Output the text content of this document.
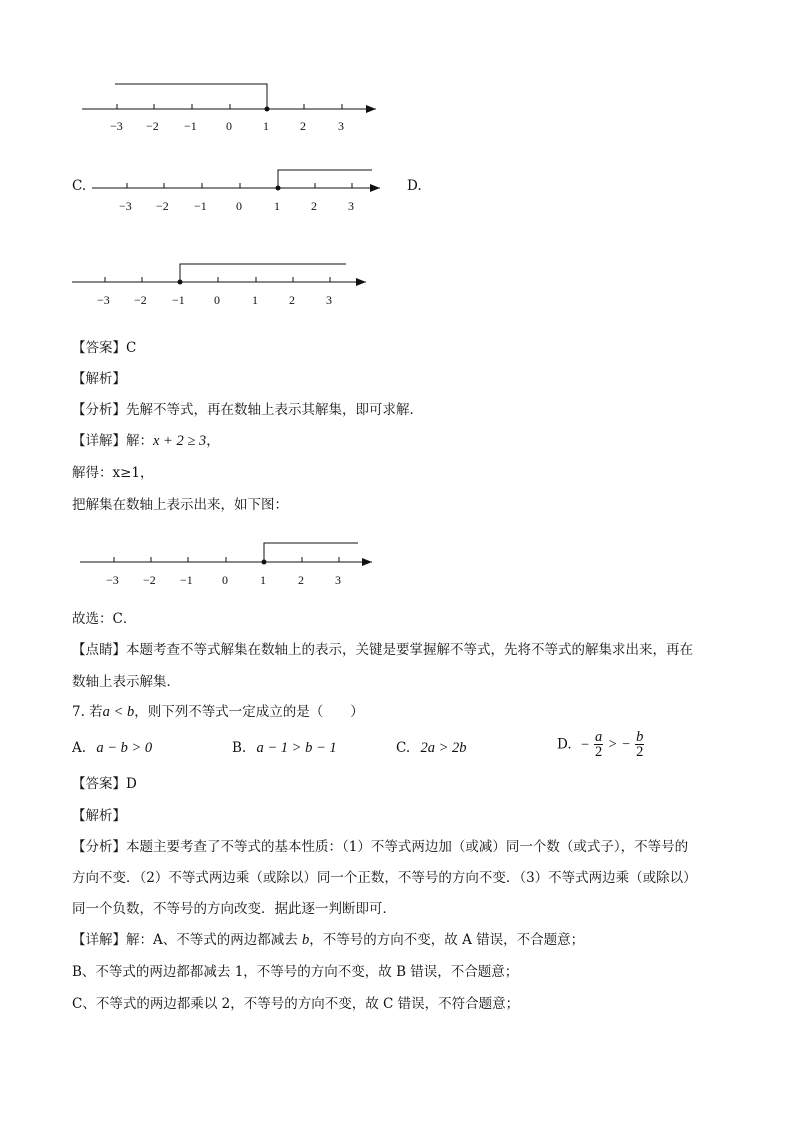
−3 −2 −1 0	1	2	3
C.
−3 −2 −1 0	1	2	3
D.
−3 −2 −1 0	1	2	3
【答案】C
【解析】
【分析】先解不等式，再在数轴上表示其解集，即可求解．
【详解】解：x + 2 ≥ 3，
解得：x≥1，
把解集在数轴上表示出来，如下图：
−3 −2 −1 0	1	2	3
故选：C．
【点睛】本题考查不等式解集在数轴上的表示，关键是要掌握解不等式，先将不等式的解集求出来，再在
数轴上表示解集．
7. 若a < b，则下列不等式一定成立的是（　　）
A. a − b > 0	B. a − 1 > b − 1	C. 2a > 2b	D. − $\frac{a}{2}$ > − $\frac{b}{2}$
【答案】D
【解析】
【分析】本题主要考查了不等式的基本性质：（1）不等式两边加（或减）同一个数（或式子），不等号的
方向不变．（2）不等式两边乘（或除以）同一个正数，不等号的方向不变．（3）不等式两边乘（或除以）
同一个负数，不等号的方向改变．据此逐一判断即可．
【详解】解：A、不等式的两边都减去 b，不等号的方向不变，故 A 错误，不合题意；
B、不等式的两边都都减去 1，不等号的方向不变，故 B 错误，不合题意；
C、不等式的两边都乘以 2，不等号的方向不变，故 C 错误，不符合题意；
